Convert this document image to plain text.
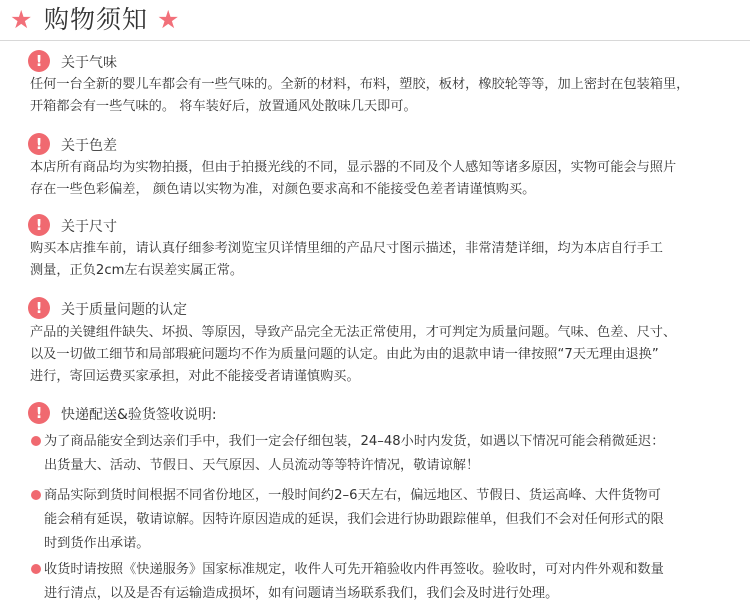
★ 购物须知 ★
!	关于气味
任何一台全新的婴儿车都会有一些气味的。全新的材料，布料，塑胶，板材，橡胶轮等等，加上密封在包装箱里，
开箱都会有一些气味的。 将车装好后，放置通风处散味几天即可。
!	关于色差
本店所有商品均为实物拍摄，但由于拍摄光线的不同，显示器的不同及个人感知等诸多原因，实物可能会与照片
存在一些色彩偏差， 颜色请以实物为准，对颜色要求高和不能接受色差者请谨慎购买。
!	关于尺寸
购买本店推车前，请认真仔细参考浏览宝贝详情里细的产品尺寸图示描述，非常清楚详细，均为本店自行手工
测量，正负2cm左右误差实属正常。
!	关于质量问题的认定
产品的关键组件缺失、坏损、等原因，导致产品完全无法正常使用，才可判定为质量问题。气味、色差、尺寸、
以及一切做工细节和局部瑕疵问题均不作为质量问题的认定。由此为由的退款申请一律按照“7天无理由退换”
进行，寄回运费买家承担，对此不能接受者请谨慎购买。
!	快递配送&验货签收说明:
为了商品能安全到达亲们手中，我们一定会仔细包装，24–48小时内发货，如遇以下情况可能会稍微延迟：
出货量大、活动、节假日、天气原因、人员流动等等特许情况，敬请谅解！
商品实际到货时间根据不同省份地区，一般时间约2–6天左右，偏远地区、节假日、货运高峰、大件货物可
能会稍有延误，敬请谅解。因特许原因造成的延误，我们会进行协助跟踪催单，但我们不会对任何形式的限
时到货作出承诺。
收货时请按照《快递服务》国家标准规定，收件人可先开箱验收内件再签收。验收时，可对内件外观和数量
进行清点，以及是否有运输造成损坏，如有问题请当场联系我们，我们会及时进行处理。
